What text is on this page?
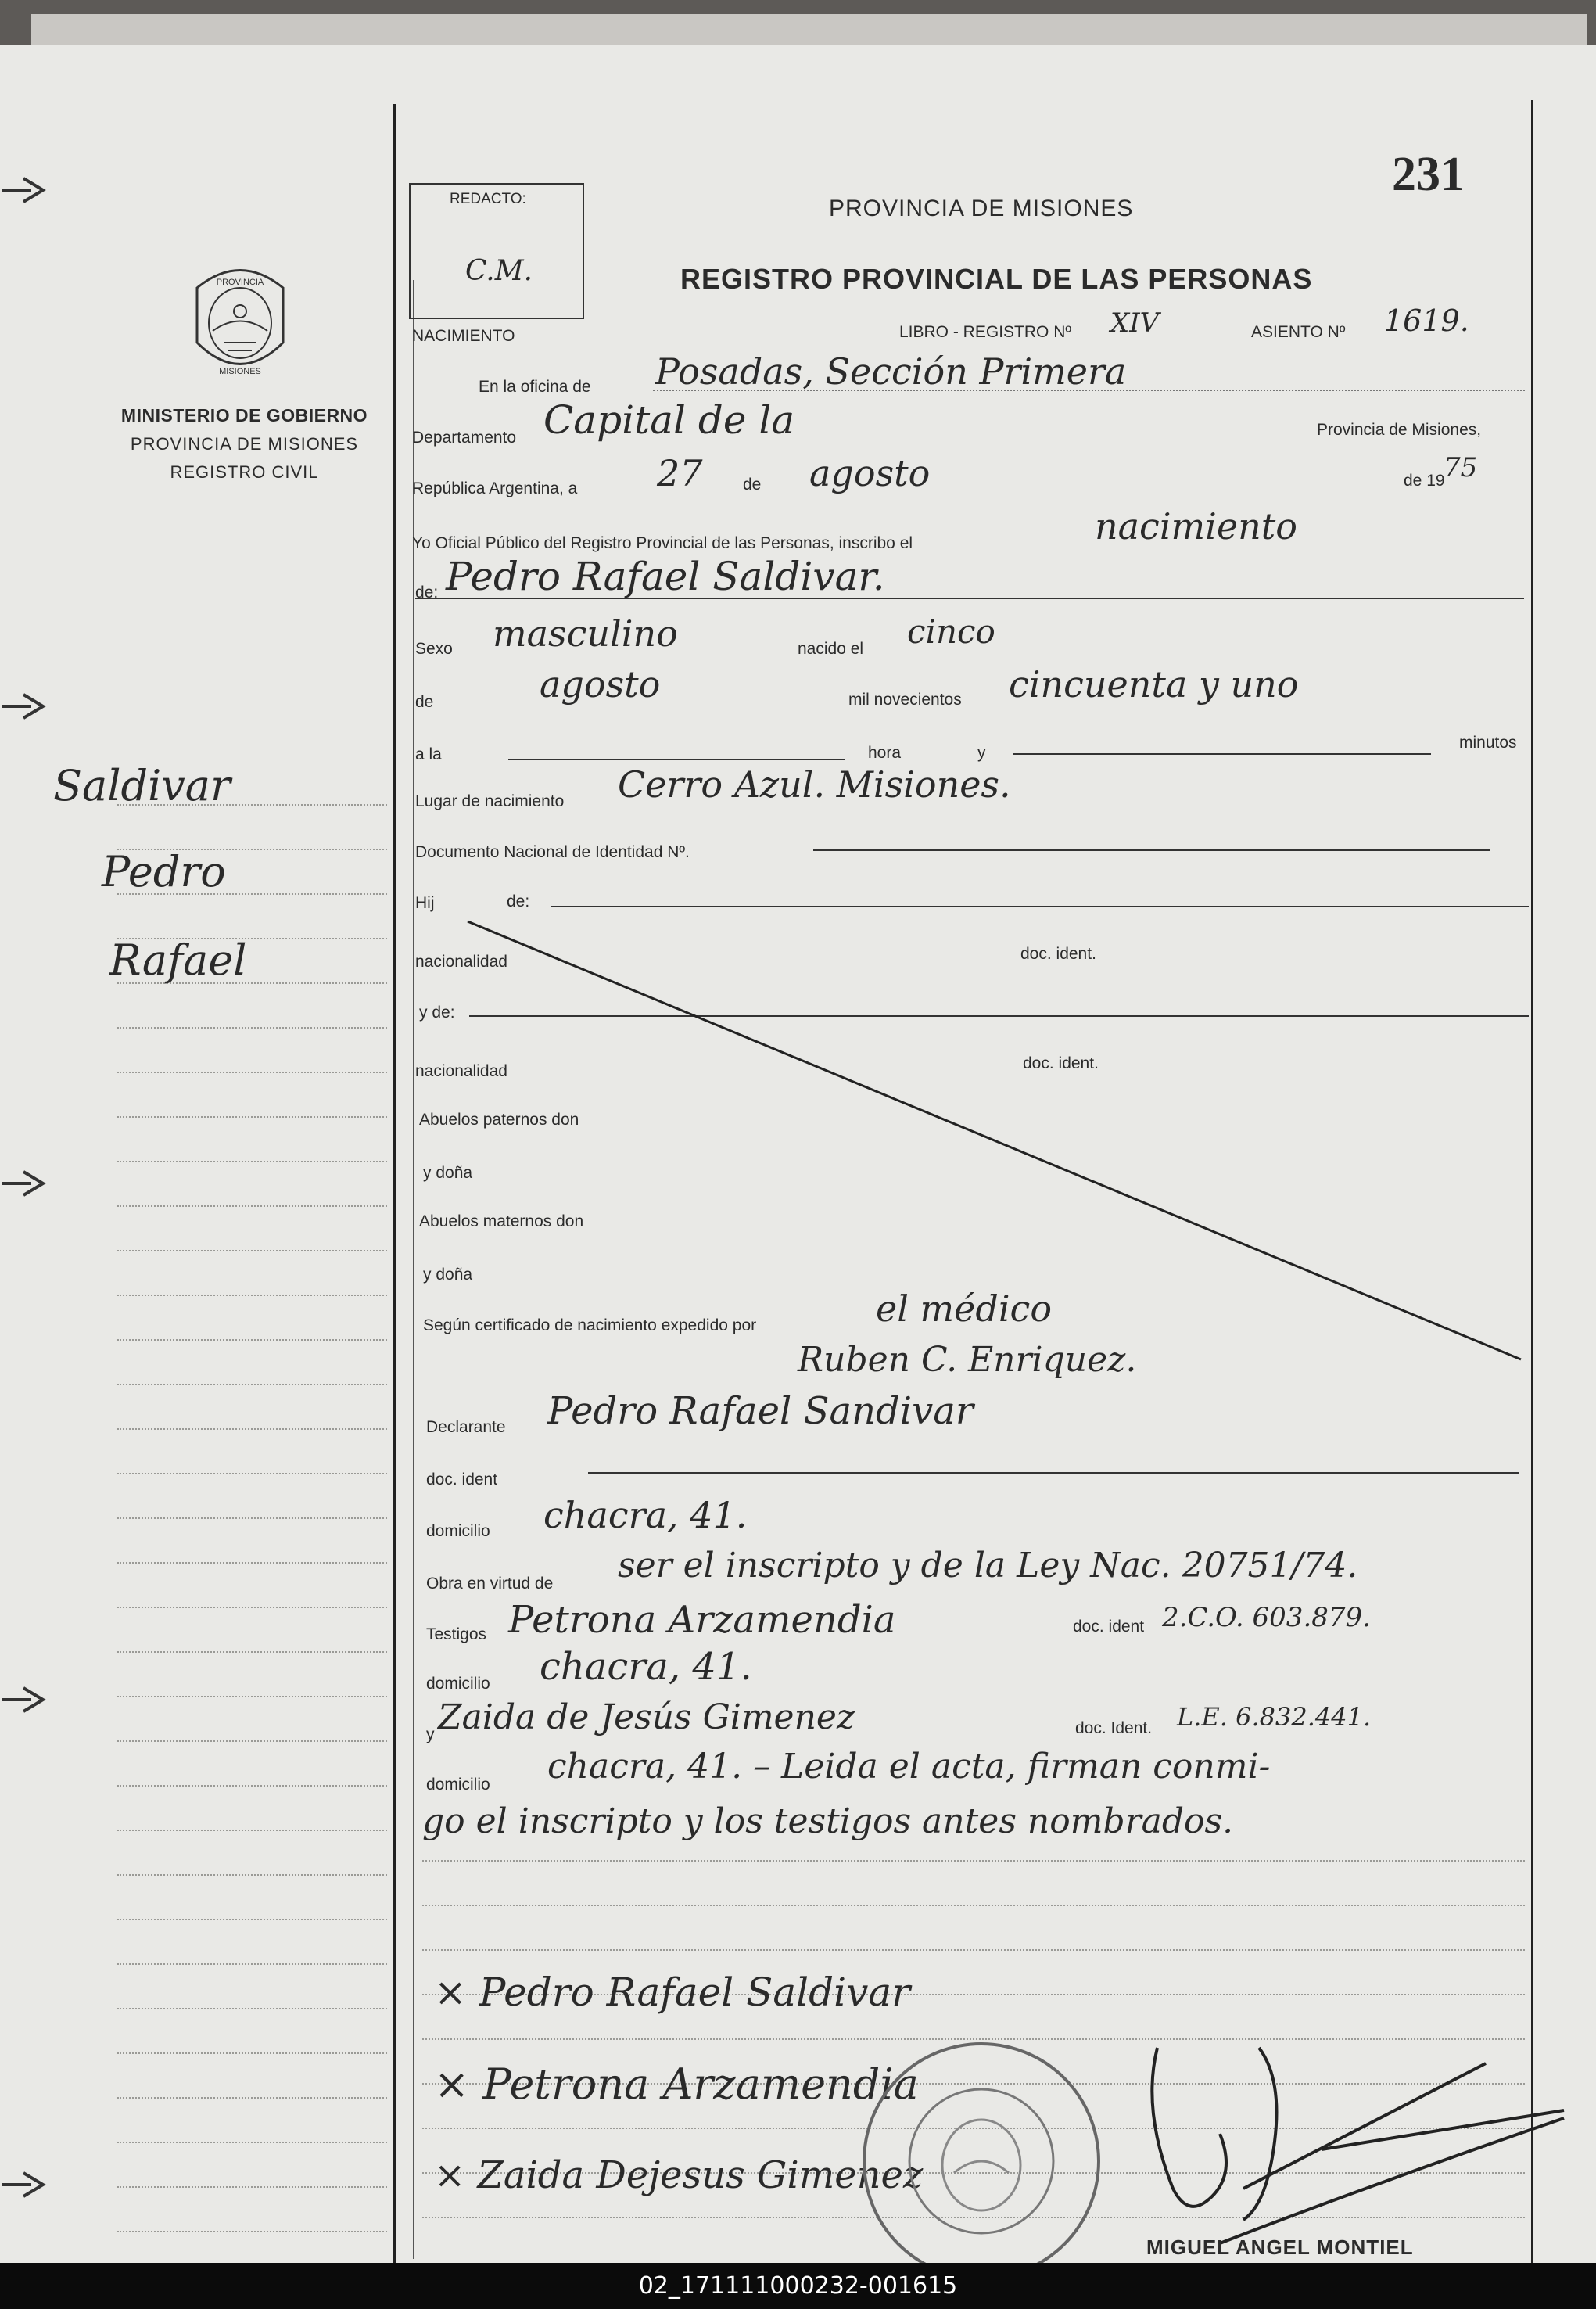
PROVINCIA
MISIONES
MINISTERIO DE GOBIERNO
PROVINCIA DE MISIONES
REGISTRO CIVIL
Saldivar
Pedro
Rafael
231
REDACTO:
C.M.
PROVINCIA DE MISIONES
REGISTRO PROVINCIAL DE LAS PERSONAS
NACIMIENTO	LIBRO - REGISTRO Nº XIV	ASIENTO Nº 1619.
En la oficina de Posadas, Sección Primera
Departamento Capital de la	Provincia de Misiones,
República Argentina, a 27 de agosto	de 19
75
Yo Oficial Público del Registro Provincial de las Personas, inscribo el	nacimiento
de: Pedro Rafael Saldivar.
Sexo masculino	nacido el cinco
de	agosto	mil novecientos cincuenta y uno
a la	hora	y
minutos
Lugar de nacimiento Cerro Azul. Misiones.
Documento Nacional de Identidad Nº.
Hij	de:
nacionalidad	doc. ident.
y de:
nacionalidad	doc. ident.
Abuelos paternos don
y doña
Abuelos maternos don
y doña
Según certificado de nacimiento expedido por	el médico
Ruben C. Enriquez.
Declarante Pedro Rafael Sandivar
doc. ident
domicilio chacra, 41.
Obra en virtud de ser el inscripto y de la Ley Nac. 20751/74.
Testigos Petrona Arzamendia	doc. ident 2.C.O. 603.879.
domicilio chacra, 41.
y Zaida de Jesús Gimenez	doc. Ident. L.E. 6.832.441.
domicilio chacra, 41. – Leida el acta, firman conmi-
go el inscripto y los testigos antes nombrados.
× Pedro Rafael Saldivar
× Petrona Arzamendia
× Zaida Dejesus Gimenez
MIGUEL ANGEL MONTIEL
02_171111000232-001615
